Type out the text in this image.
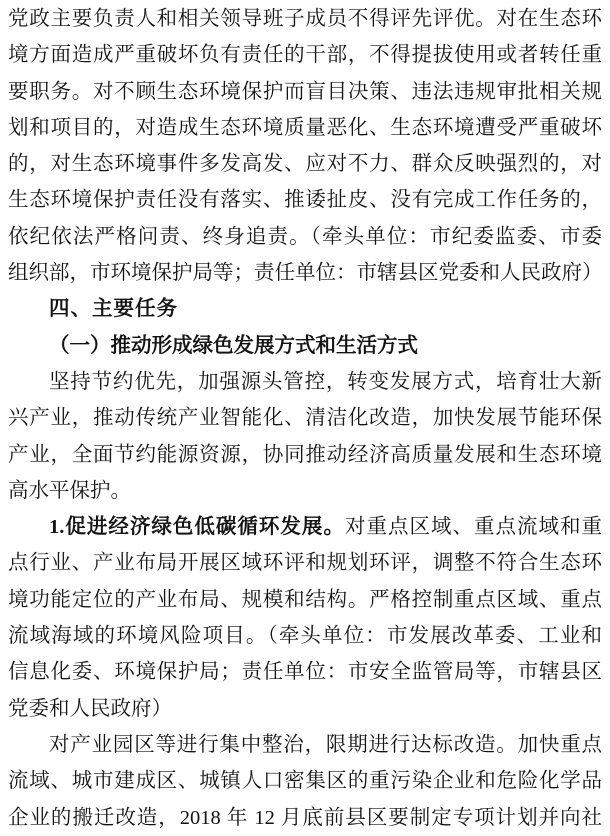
党政主要负责人和相关领导班子成员不得评先评优。对在生态环
境方面造成严重破坏负有责任的干部，不得提拔使用或者转任重
要职务。对不顾生态环境保护而盲目决策、违法违规审批相关规
划和项目的，对造成生态环境质量恶化、生态环境遭受严重破坏
的，对生态环境事件多发高发、应对不力、群众反映强烈的，对
生态环境保护责任没有落实、推诿扯皮、没有完成工作任务的，
依纪依法严格问责、终身追责。（牵头单位：市纪委监委、市委
组织部，市环境保护局等；责任单位：市辖县区党委和人民政府）
四、主要任务
（一）推动形成绿色发展方式和生活方式
坚持节约优先，加强源头管控，转变发展方式，培育壮大新
兴产业，推动传统产业智能化、清洁化改造，加快发展节能环保
产业，全面节约能源资源，协同推动经济高质量发展和生态环境
高水平保护。
1.促进经济绿色低碳循环发展。对重点区域、重点流域和重
点行业、产业布局开展区域环评和规划环评，调整不符合生态环
境功能定位的产业布局、规模和结构。严格控制重点区域、重点
流域海域的环境风险项目。（牵头单位：市发展改革委、工业和
信息化委、环境保护局；责任单位：市安全监管局等，市辖县区
党委和人民政府）
对产业园区等进行集中整治，限期进行达标改造。加快重点
流域、城市建成区、城镇人口密集区的重污染企业和危险化学品
企业的搬迁改造，2018 年 12 月底前县区要制定专项计划并向社
